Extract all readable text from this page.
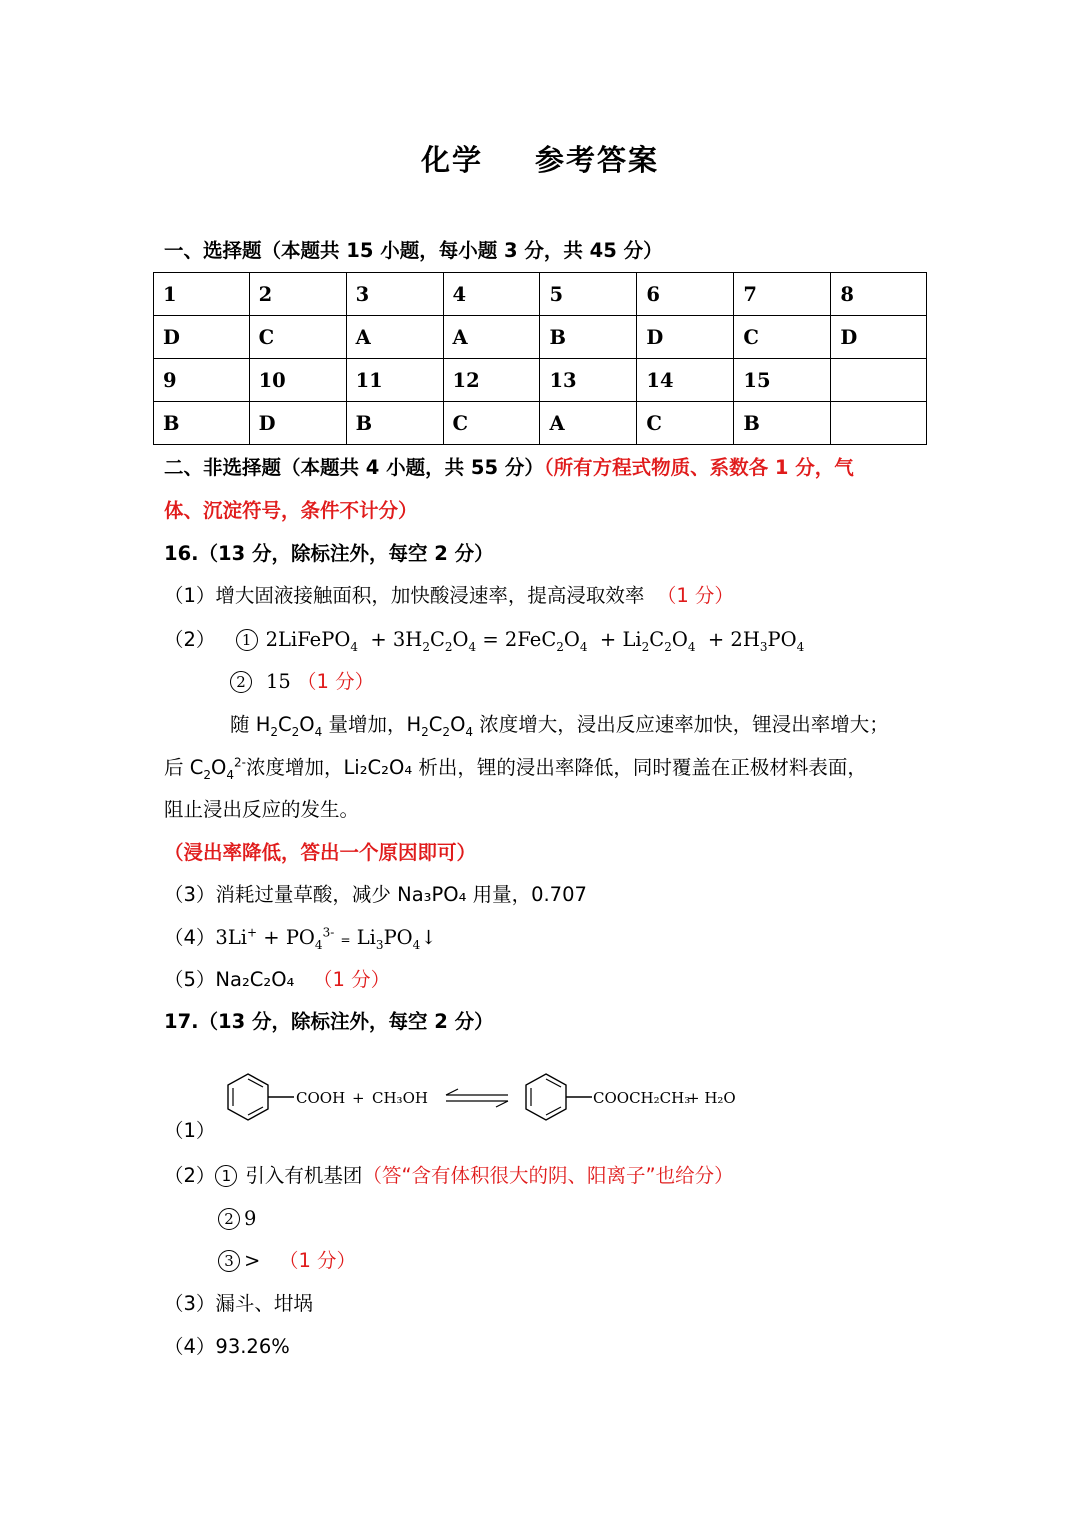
化学 参考答案
一、选择题（本题共 15 小题，每小题 3 分，共 45 分）
1	2	3	4	5	6	7	8
D	C	A	A	B	D	C	D
9	10	11	12	13	14	15	
B	D	B	C	A	C	B	
二、非选择题（本题共 4 小题，共 55 分）（所有方程式物质、系数各 1 分，气
体、沉淀符号，条件不计分）
16.（13 分，除标注外，每空 2 分）
（1）增大固液接触面积，加快酸浸速率，提高浸取效率 （1 分）
（2） 1 2LiFePO$_4$  + $3H_2C_2O_4 = 2FeC_2O_4 + Li_2C_2O_4 + 2H_3PO_4$
2 15 （1 分）
随 $H_2C_2O_4$ 量增加，$H_2C_2O_4$ 浓度增大，浸出反应速率加快，锂浸出率增大；
后 $C_2O_4^{2-}$浓度增加，Li₂C₂O₄ 析出，锂的浸出率降低，同时覆盖在正极材料表面，
阻止浸出反应的发生。
（浸出率降低，答出一个原因即可）
（3）消耗过量草酸，减少 Na₃PO₄ 用量，0.707
$(4)3Li^+ + PO_4^{3-}$ = $Li_3PO_4↓$
（5）Na₂C₂O₄ （1 分）
17.（13 分，除标注外，每空 2 分）
COOH + CH₃OH	COOCH₂CH₃
+ H₂O
（1）
（2） 1 引入有机基团（答“含有体积很大的阴、阳离子”也给分）
2 9
3 > （1 分）
（3）漏斗、坩埚
（4）93.26%
